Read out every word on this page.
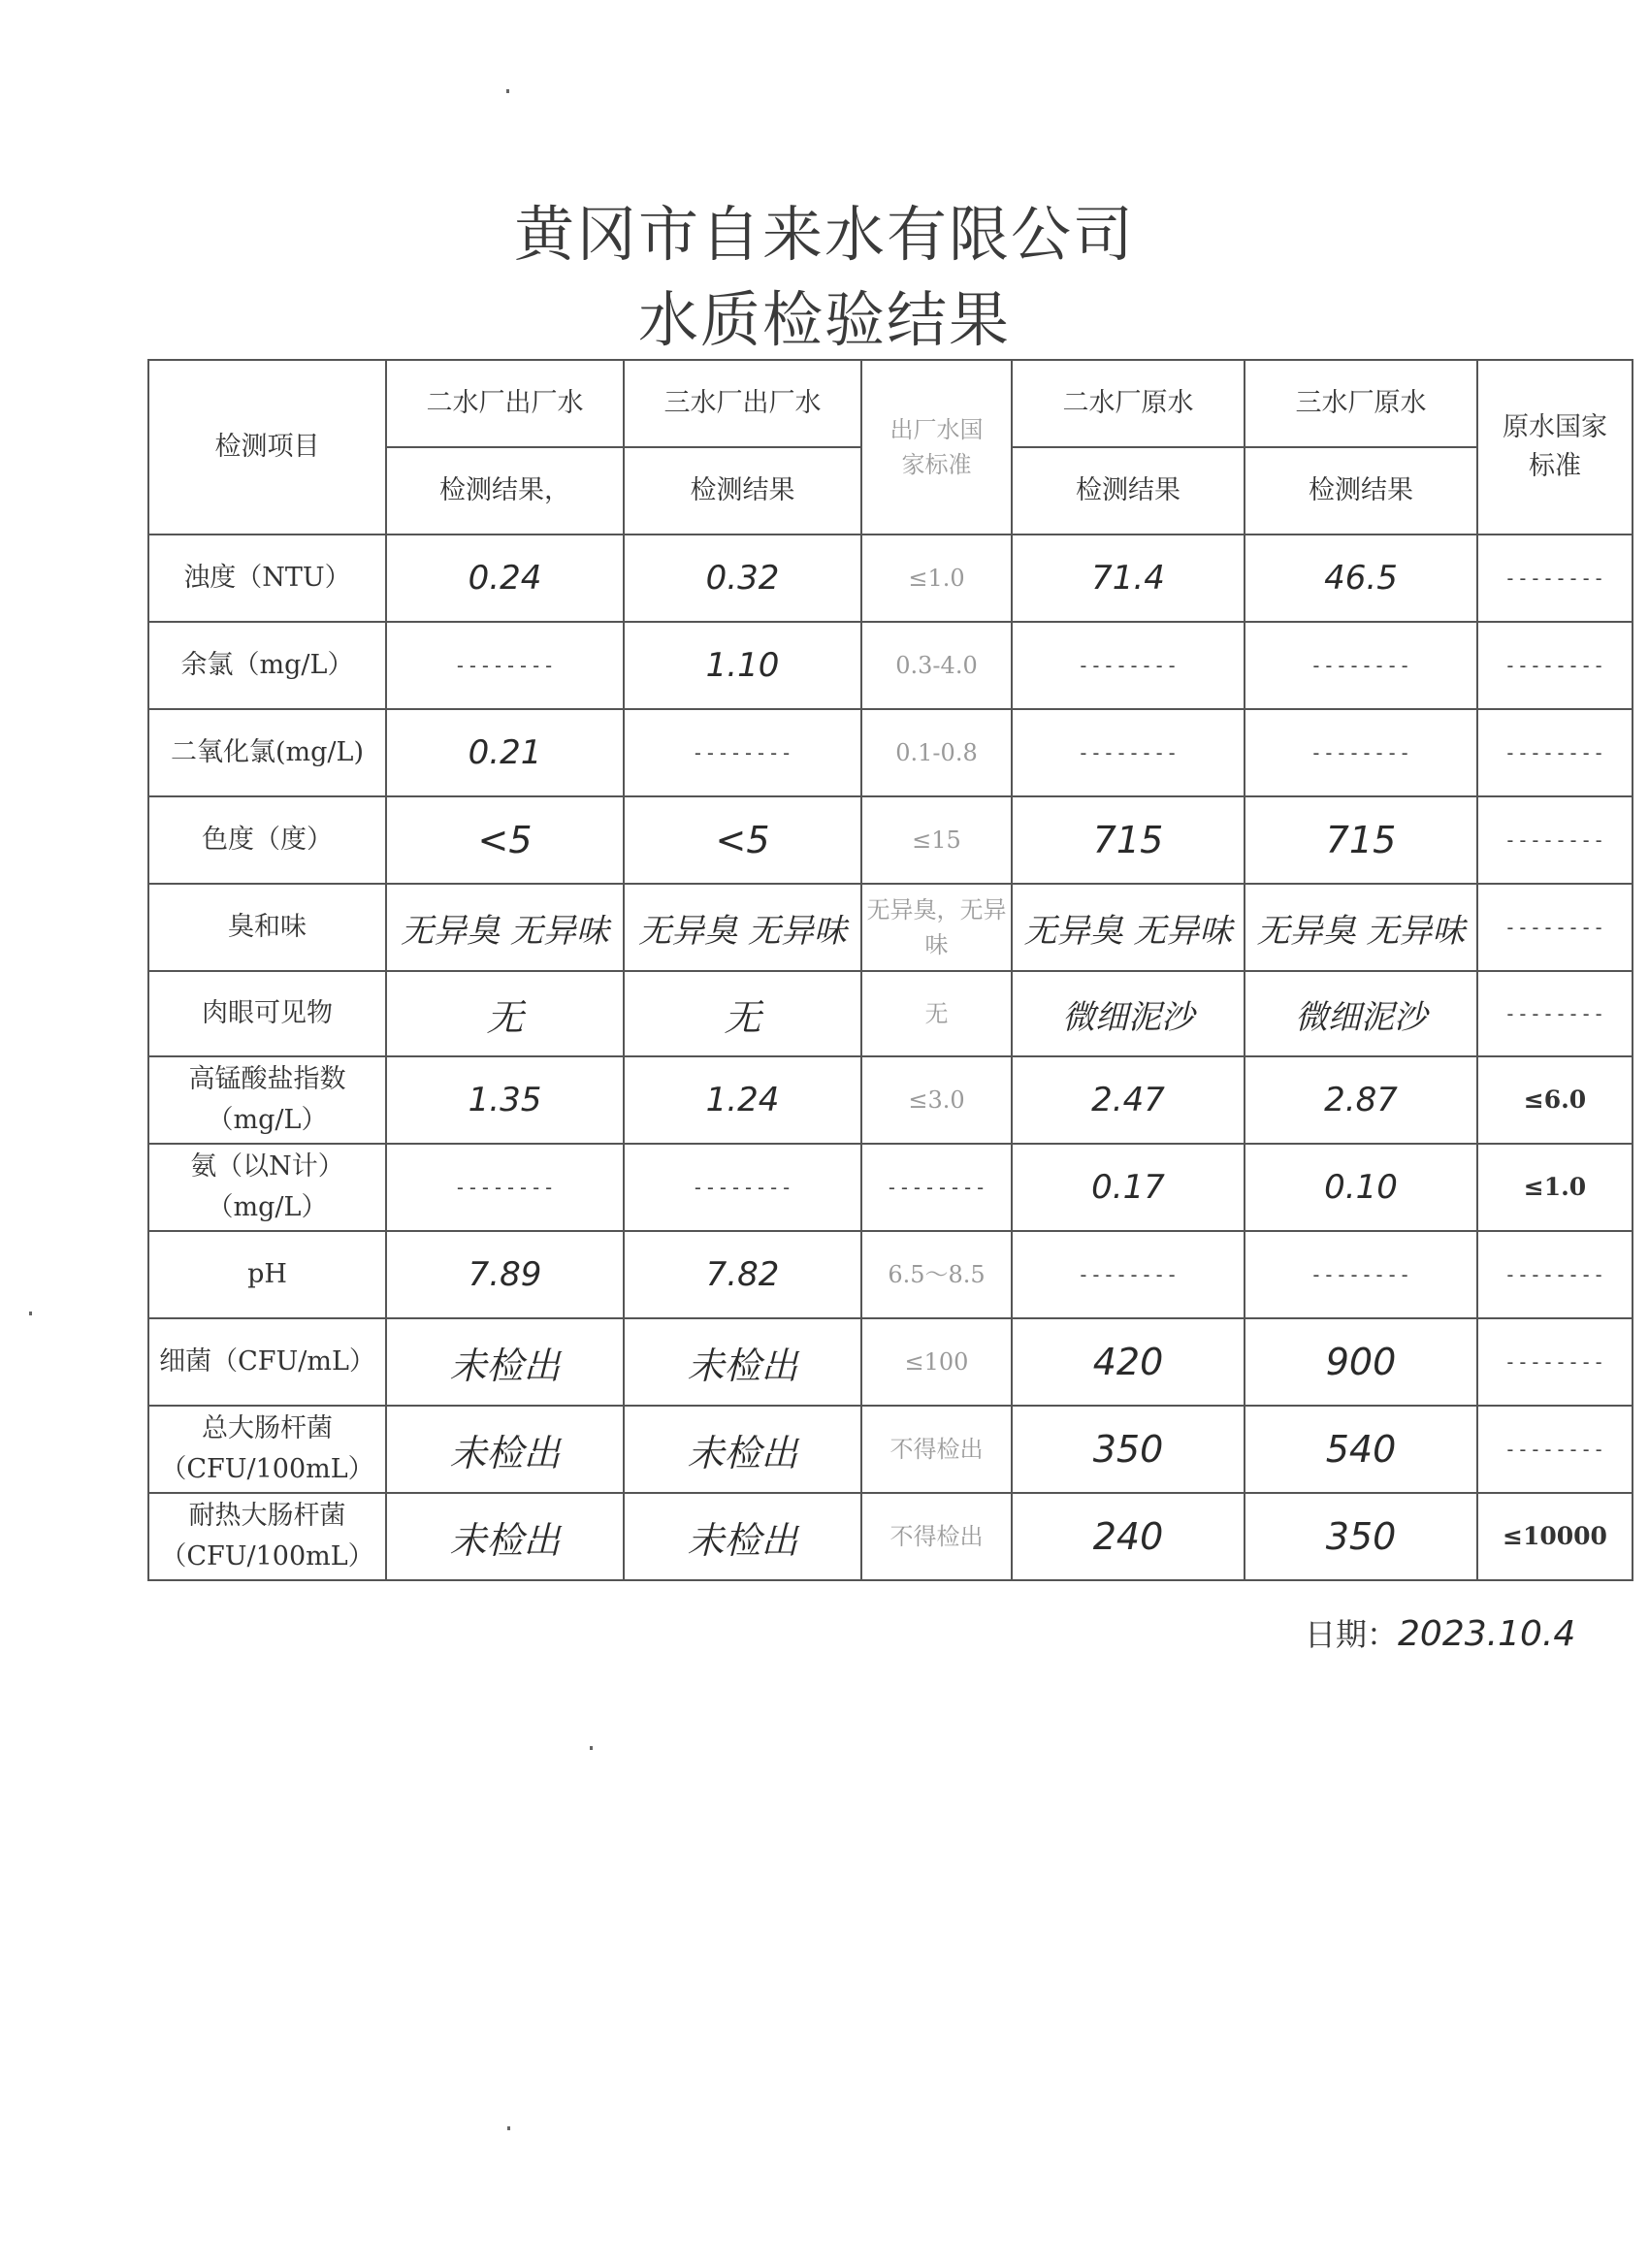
黄冈市自来水有限公司
水质检验结果
检测项目	二水厂出厂水	三水厂出厂水	出厂水国家标准	二水厂原水	三水厂原水	原水国家标准
	检测结果，	检测结果		检测结果	检测结果	

浊度（NTU）	0.24	0.32	≤1.0	71.4	46.5	--------

余氯（mg/L）	--------	1.10	0.3-4.0	--------	--------	--------

二氧化氯(mg/L)	0.21	--------	0.1-0.8	--------	--------	--------

色度（度）	<5	<5	≤15	715	715	--------

臭和味	无异臭 无异味	无异臭 无异味	无异臭，无异味	无异臭 无异味	无异臭 无异味	--------

肉眼可见物	无	无	无	微细泥沙	微细泥沙	--------

高锰酸盐指数
（mg/L）	1.35	1.24	≤3.0	2.47	2.87	≤6.0

氨（以N计）
（mg/L）	--------	--------	--------	0.17	0.10	≤1.0

pH	7.89	7.82	6.5～8.5	--------	--------	--------

细菌（CFU/mL）	未检出	未检出	≤100	420	900	--------

总大肠杆菌
（CFU/100mL）	未检出	未检出	不得检出	350	540	--------

耐热大肠杆菌
（CFU/100mL）	未检出	未检出	不得检出	240	350	≤10000
日期：2023.10.4
